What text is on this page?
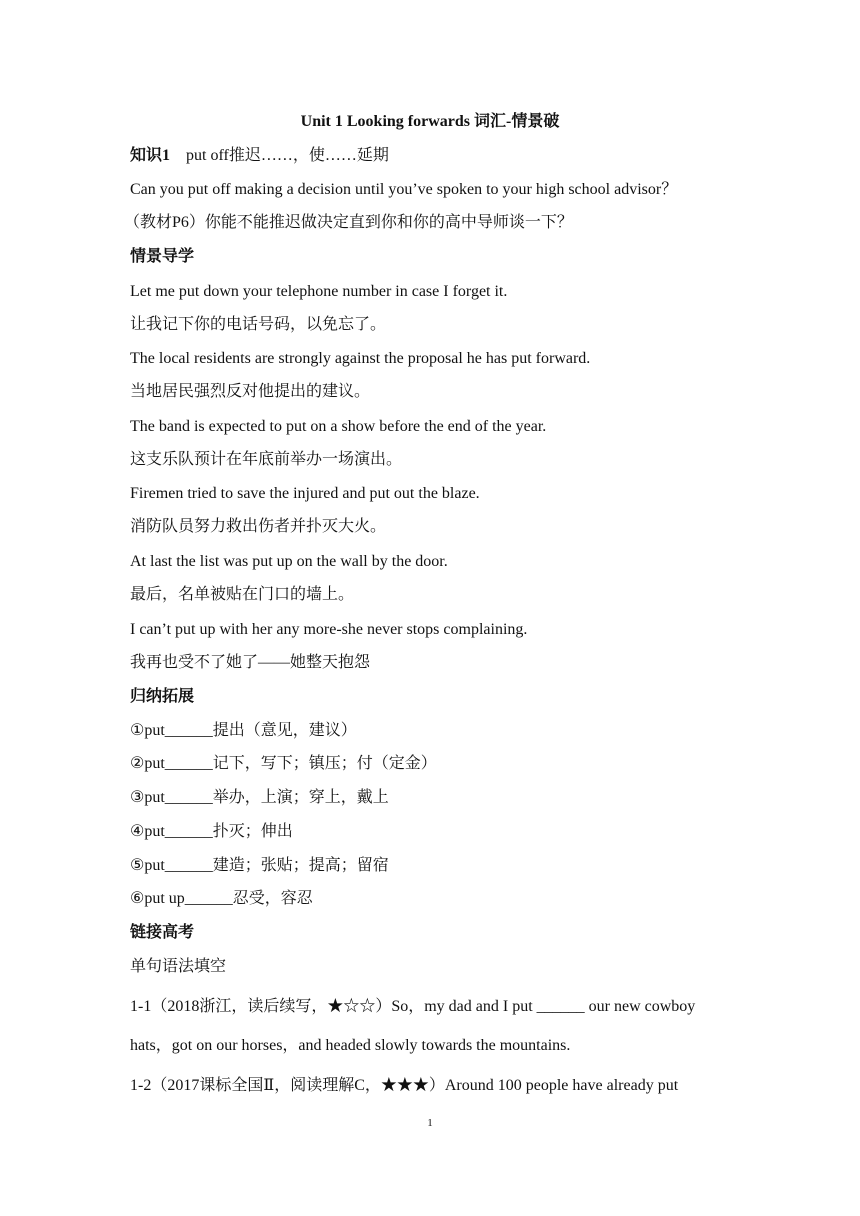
Unit 1 Looking forwards 词汇-情景破
知识1 put off推迟……，使……延期
Can you put off making a decision until you’ve spoken to your high school advisor？
（教材P6）你能不能推迟做决定直到你和你的高中导师谈一下？
情景导学
Let me put down your telephone number in case I forget it.
让我记下你的电话号码，以免忘了。
The local residents are strongly against the proposal he has put forward.
当地居民强烈反对他提出的建议。
The band is expected to put on a show before the end of the year.
这支乐队预计在年底前举办一场演出。
Firemen tried to save the injured and put out the blaze.
消防队员努力救出伤者并扑灭大火。
At last the list was put up on the wall by the door.
最后，名单被贴在门口的墙上。
I can’t put up with her any more-she never stops complaining.
我再也受不了她了——她整天抱怨
归纳拓展
①put______提出（意见，建议）
②put______记下，写下；镇压；付（定金）
③put______举办，上演；穿上，戴上
④put______扑灭；伸出
⑤put______建造；张贴；提高；留宿
⑥put up______忍受，容忍
链接高考
单句语法填空
1-1（2018浙江，读后续写，★☆☆）So，my dad and I put ______ our new cowboy
hats，got on our horses，and headed slowly towards the mountains.
1-2（2017课标全国Ⅱ，阅读理解C，★★★）Around 100 people have already put
1
